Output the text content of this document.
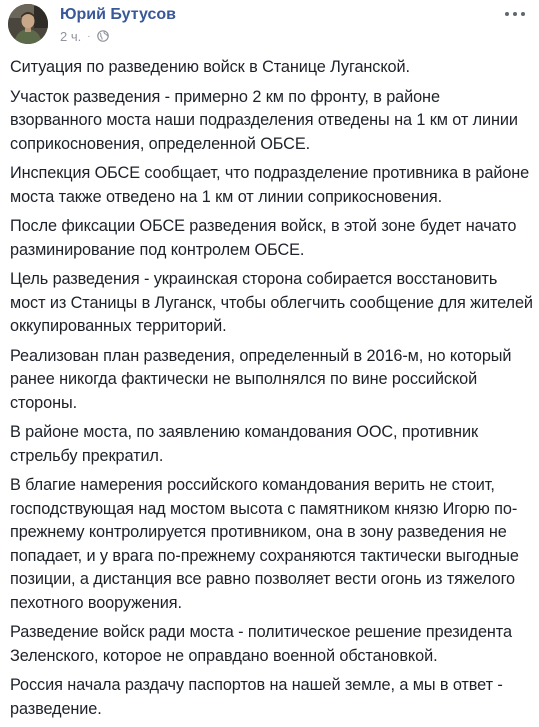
Юрий Бутусов
2 ч. ·

Ситуация по разведению войск в Станице Луганской.

Участок разведения - примерно 2 км по фронту, в районе взорванного моста наши подразделения отведены на 1 км от линии соприкосновения, определенной ОБСЕ.

Инспекция ОБСЕ сообщает, что подразделение противника в районе моста также отведено на 1 км от линии соприкосновения.

После фиксации ОБСЕ разведения войск, в этой зоне будет начато разминирование под контролем ОБСЕ.

Цель разведения - украинская сторона собирается восстановить мост из Станицы в Луганск, чтобы облегчить сообщение для жителей оккупированных территорий.

Реализован план разведения, определенный в 2016-м, но который ранее никогда фактически не выполнялся по вине российской стороны.

В районе моста, по заявлению командования ООС, противник стрельбу прекратил.

В благие намерения российского командования верить не стоит, господствующая над мостом высота с памятником князю Игорю по-прежнему контролируется противником, она в зону разведения не попадает, и у врага по-прежнему сохраняются тактически выгодные позиции, а дистанция все равно позволяет вести огонь из тяжелого пехотного вооружения.

Разведение войск ради моста - политическое решение президента Зеленского, которое не оправдано военной обстановкой.

Россия начала раздачу паспортов на нашей земле, а мы в ответ - разведение.
